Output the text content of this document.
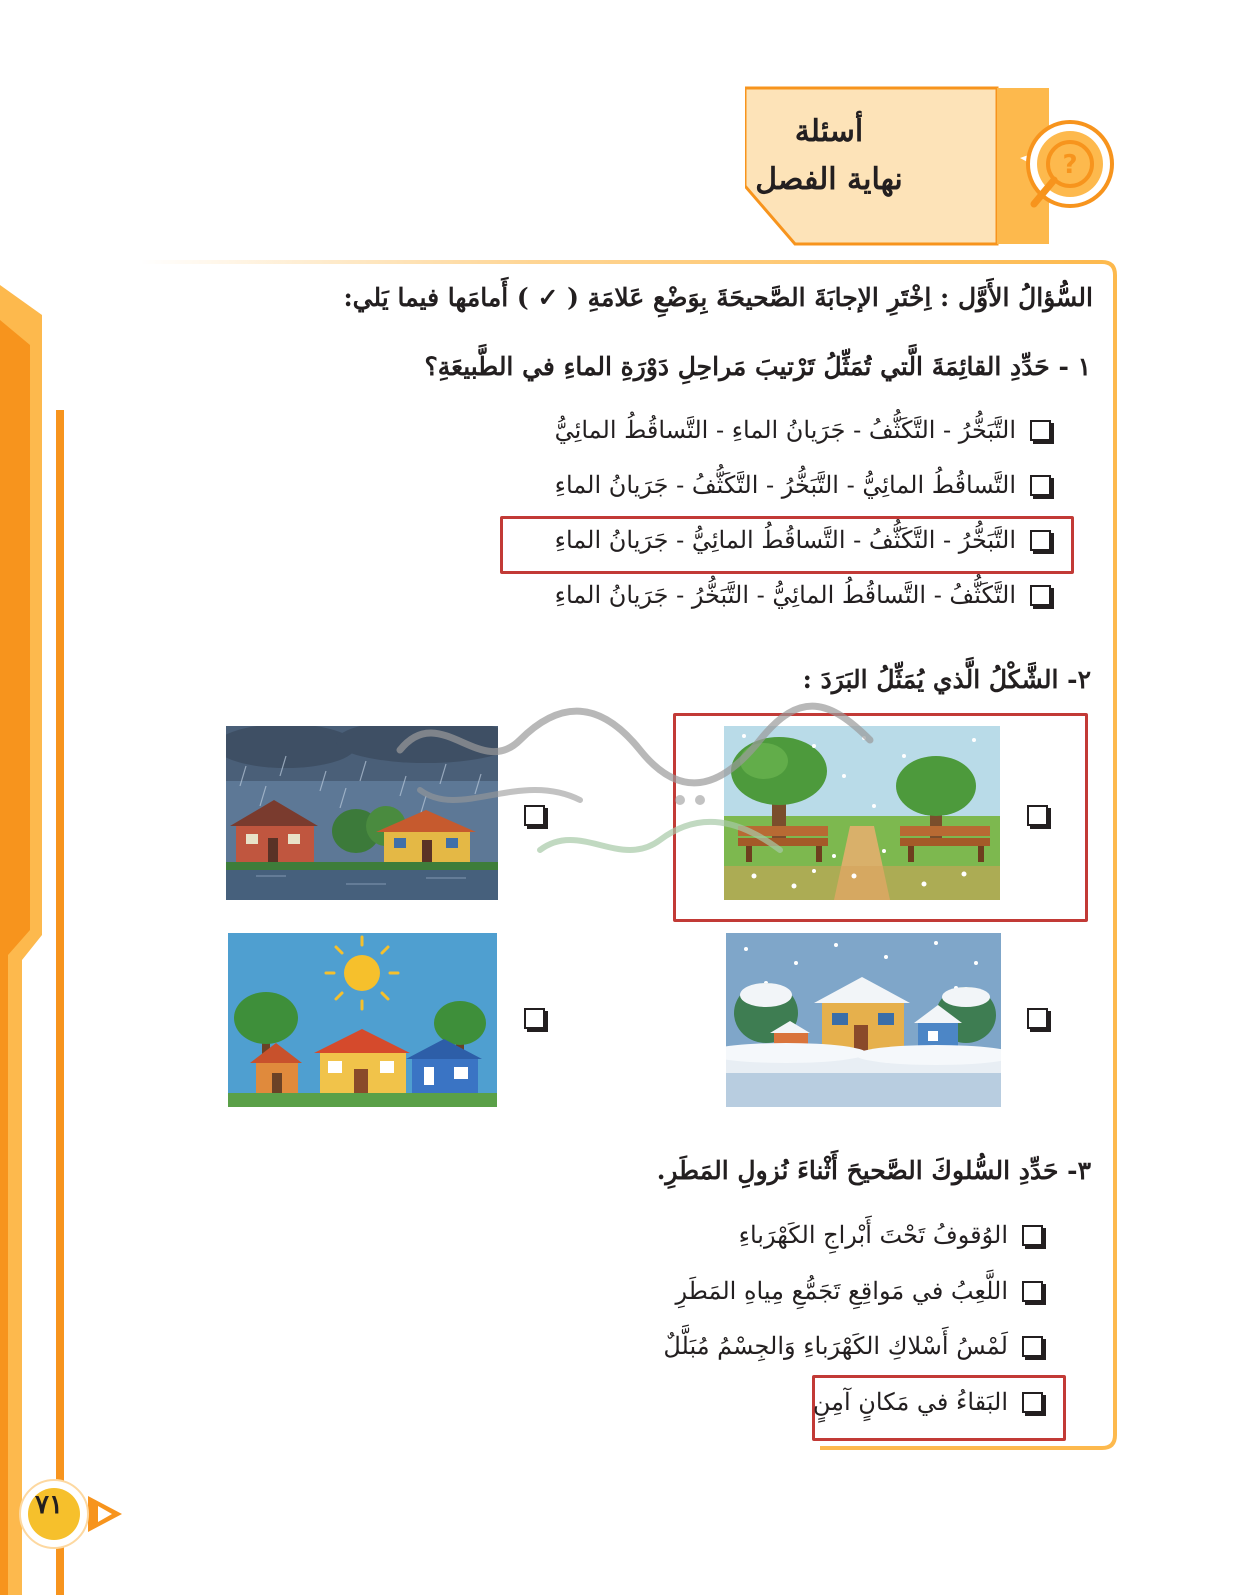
أسئلة
نهاية الفصل	?
السُّؤالُ الأَوَّل : اِخْتَرِ الإجابَةَ الصَّحيحَةَ بِوَضْعِ عَلامَةِ ( ✓ ) أَمامَها فيما يَلي:
١ - حَدِّدِ القائِمَةَ الَّتي تُمَثِّلُ تَرْتيبَ مَراحِلِ دَوْرَةِ الماءِ في الطَّبيعَةِ؟
التَّبَخُّرُ - التَّكَثُّفُ - جَرَيانُ الماءِ - التَّساقُطُ المائِيُّ
التَّساقُطُ المائِيُّ - التَّبَخُّرُ - التَّكَثُّفُ - جَرَيانُ الماءِ
التَّبَخُّرُ - التَّكَثُّفُ - التَّساقُطُ المائِيُّ - جَرَيانُ الماءِ
التَّكَثُّفُ - التَّساقُطُ المائِيُّ - التَّبَخُّرُ - جَرَيانُ الماءِ
٢- الشَّكْلُ الَّذي يُمَثِّلُ البَرَدَ :
٣- حَدِّدِ السُّلوكَ الصَّحيحَ أَثْناءَ نُزولِ المَطَرِ.
الوُقوفُ تَحْتَ أَبْراجِ الكَهْرَباءِ
اللَّعِبُ في مَواقِعِ تَجَمُّعِ مِياهِ المَطَرِ
لَمْسُ أَسْلاكِ الكَهْرَباءِ وَالجِسْمُ مُبَلَّلٌ
البَقاءُ في مَكانٍ آمِنٍ
٧١
